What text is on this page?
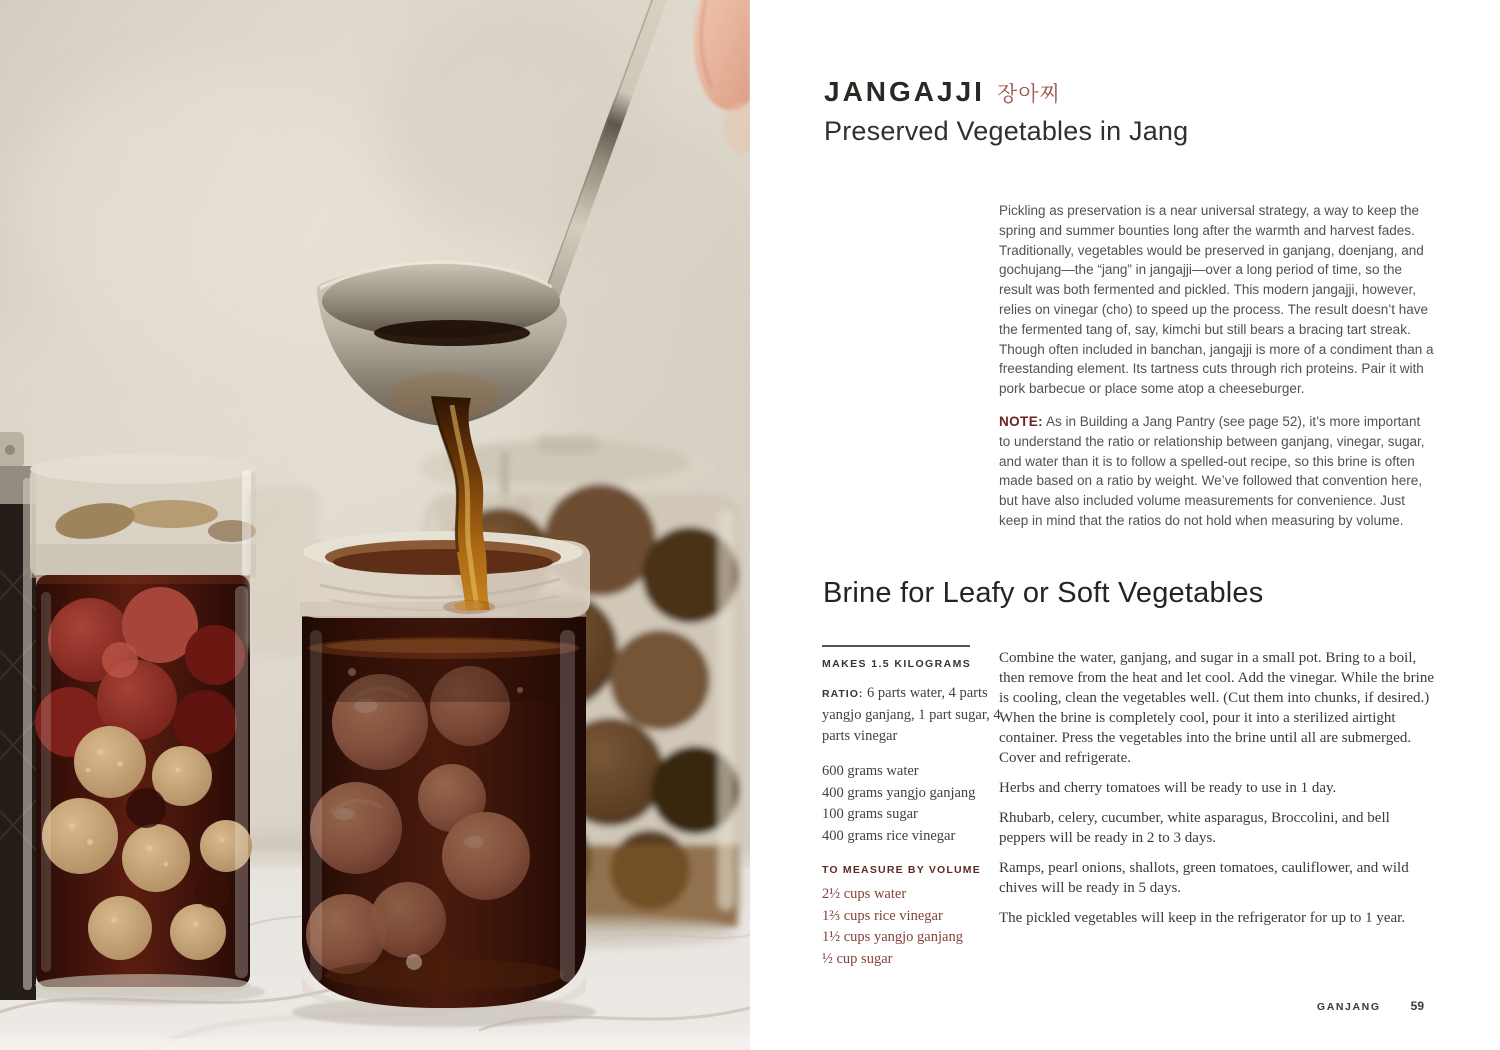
JANGAJJI 장아찌
Preserved Vegetables in Jang

Pickling as preservation is a near universal strategy, a way to keep the spring and summer bounties long after the warmth and harvest fades. Traditionally, vegetables would be preserved in ganjang, doenjang, and gochujang—the “jang” in jangajji—over a long period of time, so the result was both fermented and pickled. This modern jangajji, however, relies on vinegar (cho) to speed up the process. The result doesn’t have the fermented tang of, say, kimchi but still bears a bracing tart streak. Though often included in banchan, jangajji is more of a condiment than a freestanding element. Its tartness cuts through rich proteins. Pair it with pork barbecue or place some atop a cheeseburger.

NOTE: As in Building a Jang Pantry (see page 52), it’s more important to understand the ratio or relationship between ganjang, vinegar, sugar, and water than it is to follow a spelled-out recipe, so this brine is often made based on a ratio by weight. We’ve followed that convention here, but have also included volume measurements for convenience. Just keep in mind that the ratios do not hold when measuring by volume.

Brine for Leafy or Soft Vegetables
MAKES 1.5 KILOGRAMS

RATIO: 6 parts water, 4 parts yangjo ganjang, 1 part sugar, 4 parts vinegar

600 grams water
400 grams yangjo ganjang
100 grams sugar
400 grams rice vinegar
TO MEASURE BY VOLUME
2½ cups water
1⅔ cups rice vinegar
1½ cups yangjo ganjang
½ cup sugar

Combine the water, ganjang, and sugar in a small pot. Bring to a boil, then remove from the heat and let cool. Add the vinegar. While the brine is cooling, clean the vegetables well. (Cut them into chunks, if desired.) When the brine is completely cool, pour it into a sterilized airtight container. Press the vegetables into the brine until all are submerged. Cover and refrigerate.

Herbs and cherry tomatoes will be ready to use in 1 day.

Rhubarb, celery, cucumber, white asparagus, Broccolini, and bell peppers will be ready in 2 to 3 days.

Ramps, pearl onions, shallots, green tomatoes, cauliflower, and wild chives will be ready in 5 days.

The pickled vegetables will keep in the refrigerator for up to 1 year.

GANJANG	59
